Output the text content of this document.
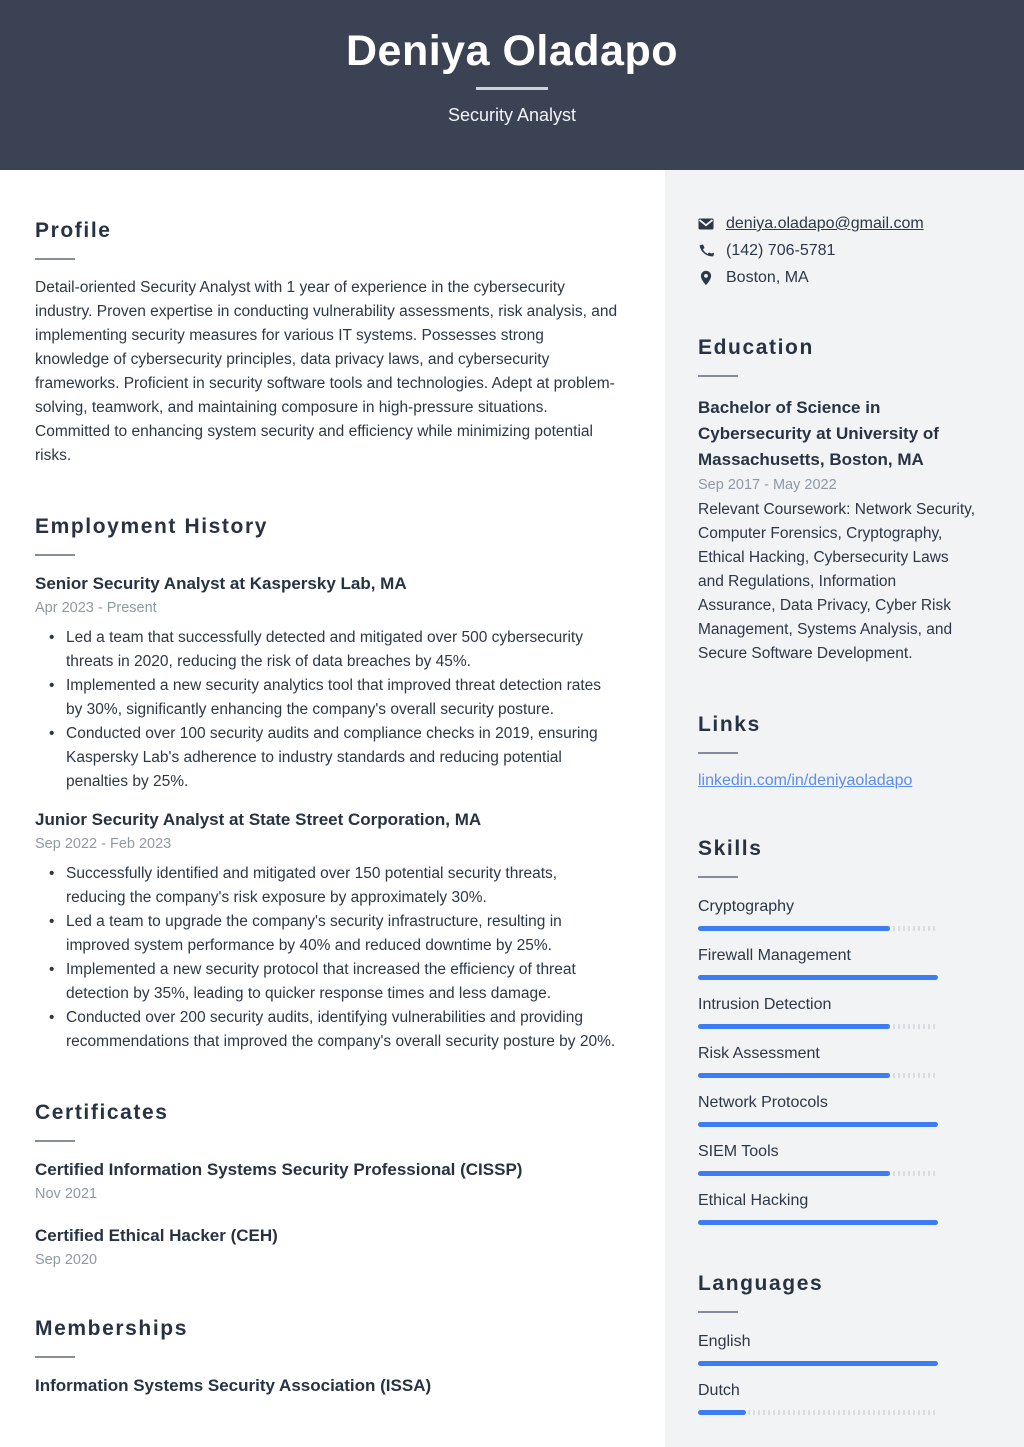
Deniya Oladapo
Security Analyst
Profile
Detail-oriented Security Analyst with 1 year of experience in the cybersecurity industry. Proven expertise in conducting vulnerability assessments, risk analysis, and implementing security measures for various IT systems. Possesses strong knowledge of cybersecurity principles, data privacy laws, and cybersecurity frameworks. Proficient in security software tools and technologies. Adept at problem-solving, teamwork, and maintaining composure in high-pressure situations. Committed to enhancing system security and efficiency while minimizing potential risks.
Employment History
Senior Security Analyst at Kaspersky Lab, MA
Apr 2023 - Present
• Led a team that successfully detected and mitigated over 500 cybersecurity threats in 2020, reducing the risk of data breaches by 45%.
• Implemented a new security analytics tool that improved threat detection rates by 30%, significantly enhancing the company's overall security posture.
• Conducted over 100 security audits and compliance checks in 2019, ensuring Kaspersky Lab's adherence to industry standards and reducing potential penalties by 25%.
Junior Security Analyst at State Street Corporation, MA
Sep 2022 - Feb 2023
• Successfully identified and mitigated over 150 potential security threats, reducing the company's risk exposure by approximately 30%.
• Led a team to upgrade the company's security infrastructure, resulting in improved system performance by 40% and reduced downtime by 25%.
• Implemented a new security protocol that increased the efficiency of threat detection by 35%, leading to quicker response times and less damage.
• Conducted over 200 security audits, identifying vulnerabilities and providing recommendations that improved the company's overall security posture by 20%.
Certificates
Certified Information Systems Security Professional (CISSP)
Nov 2021
Certified Ethical Hacker (CEH)
Sep 2020
Memberships
Information Systems Security Association (ISSA)
deniya.oladapo@gmail.com
(142) 706-5781
Boston, MA
Education
Bachelor of Science in Cybersecurity at University of Massachusetts, Boston, MA
Sep 2017 - May 2022
Relevant Coursework: Network Security, Computer Forensics, Cryptography, Ethical Hacking, Cybersecurity Laws and Regulations, Information Assurance, Data Privacy, Cyber Risk Management, Systems Analysis, and Secure Software Development.
Links
linkedin.com/in/deniyaoladapo
Skills
Cryptography
Firewall Management
Intrusion Detection
Risk Assessment
Network Protocols
SIEM Tools
Ethical Hacking
Languages
English
Dutch
